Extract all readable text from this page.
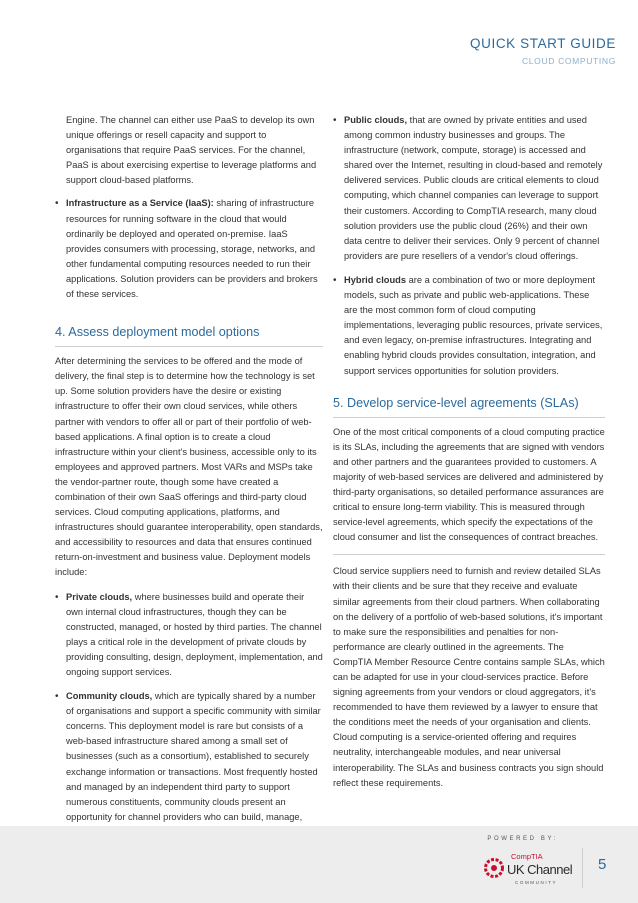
QUICK START GUIDE
CLOUD COMPUTING

Engine. The channel can either use PaaS to develop its own unique offerings or resell capacity and support to organisations that require PaaS services. For the channel, PaaS is about exercising expertise to leverage platforms and support cloud-based platforms.

• Infrastructure as a Service (IaaS): sharing of infrastructure resources for running software in the cloud that would ordinarily be deployed and operated on-premise. IaaS provides consumers with processing, storage, networks, and other fundamental computing resources needed to run their applications. Solution providers can be providers and brokers of these services.
4. Assess deployment model options

After determining the services to be offered and the mode of delivery, the final step is to determine how the technology is set up. Some solution providers have the desire or existing infrastructure to offer their own cloud services, while others partner with vendors to offer all or part of their portfolio of web-based applications. A final option is to create a cloud infrastructure within your client's business, accessible only to its employees and approved partners. Most VARs and MSPs take the vendor-partner route, though some have created a combination of their own SaaS offerings and third-party cloud services. Cloud computing applications, platforms, and infrastructures should guarantee interoperability, open standards, and accessibility to resources and data that ensures continued return-on-investment and business value. Deployment models include:

• Private clouds, where businesses build and operate their own internal cloud infrastructures, though they can be constructed, managed, or hosted by third parties. The channel plays a critical role in the development of private clouds by providing consulting, design, deployment, implementation, and ongoing support services.
• Community clouds, which are typically shared by a number of organisations and support a specific community with similar concerns. This deployment model is rare but consists of a web-based infrastructure shared among a small set of businesses (such as a consortium), established to securely exchange information or transactions. Most frequently hosted and managed by an independent third party to support numerous constituents, community clouds present an opportunity for channel providers who can build, manage,
• Public clouds, that are owned by private entities and used among common industry businesses and groups. The infrastructure (network, compute, storage) is accessed and shared over the Internet, resulting in cloud-based and remotely delivered services. Public clouds are critical elements to cloud computing, which channel companies can leverage to support their customers. According to CompTIA research, many cloud solution providers use the public cloud (26%) and their own data centre to deliver their services. Only 9 percent of channel providers are pure resellers of a vendor's cloud offerings.
• Hybrid clouds are a combination of two or more deployment models, such as private and public web-applications. These are the most common form of cloud computing implementations, leveraging public resources, private services, and even legacy, on-premise infrastructures. Integrating and enabling hybrid clouds provides consultation, integration, and support services opportunities for solution providers.
5. Develop service-level agreements (SLAs)

One of the most critical components of a cloud computing practice is its SLAs, including the agreements that are signed with vendors and other partners and the guarantees provided to customers. A majority of web-based services are delivered and administered by third-party organisations, so detailed performance assurances are critical to ensure long-term viability. This is measured through service-level agreements, which specify the expectations of the cloud consumer and list the consequences of contract breaches.

Cloud service suppliers need to furnish and review detailed SLAs with their clients and be sure that they receive and evaluate similar agreements from their cloud partners. When collaborating on the delivery of a portfolio of web-based solutions, it's important to make sure the responsibilities and penalties for non-performance are clearly outlined in the agreements. The CompTIA Member Resource Centre contains sample SLAs, which can be adapted for use in your cloud-services practice. Before signing agreements from your vendors or cloud aggregators, it's recommended to have them reviewed by a lawyer to ensure that the conditions meet the needs of your organisation and clients. Cloud computing is a service-oriented offering and requires neutrality, interchangeable modules, and near universal interoperability. The SLAs and business contracts you sign should reflect these requirements.

POWERED BY:
CompTIA
UK Channel
COMMUNITY
5
